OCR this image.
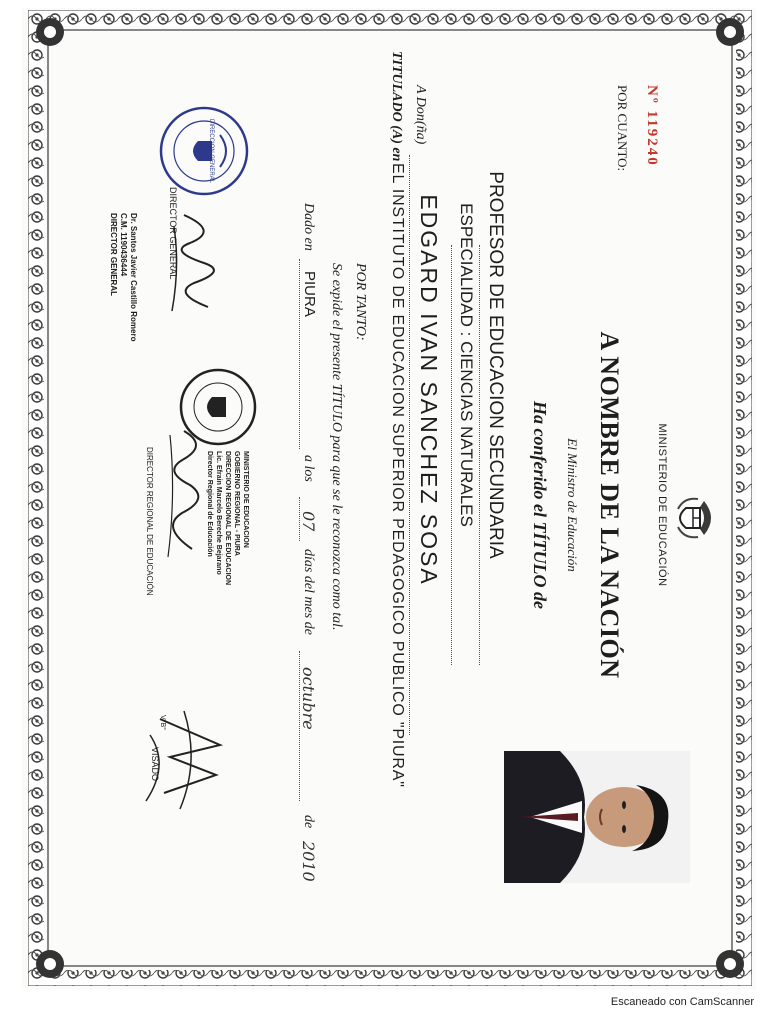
MINISTERIO DE EDUCACIÓN
Nº 119240
POR CUANTO:
A NOMBRE DE LA NACIÓN
El Ministro de Educación
Ha conferido el TÍTULO de
PROFESOR DE EDUCACION SECUNDARIA
ESPECIALIDAD : CIENCIAS NATURALES
A Don(ña)
EDGARD IVAN SANCHEZ SOSA
TITULADO (A) en
EL INSTITUTO DE EDUCACION SUPERIOR PEDAGOGICO PUBLICO "PIURA"
POR TANTO:
Se expide el presente TÍTULO para que se le reconozca como tal.
Dado en
PIURA
a los
07
días del mes de
octubre
de
2010
DIRECCION GENERAL
DIRECTOR GENERAL
Dr. Santos Javier Castillo Romero
C.M. 1190436444
DIRECTOR GENERAL
MINISTERIO DE EDUCACION
GOBIERNO REGIONAL - PIURA
DIRECCION REGIONAL DE EDUCACION
Lic. Efrain Marcelo Bereche Bejarano
Director Regional de Educación
DIRECTOR REGIONAL DE EDUCACIÓN
V°B°
VISADO
Escaneado con CamScanner
